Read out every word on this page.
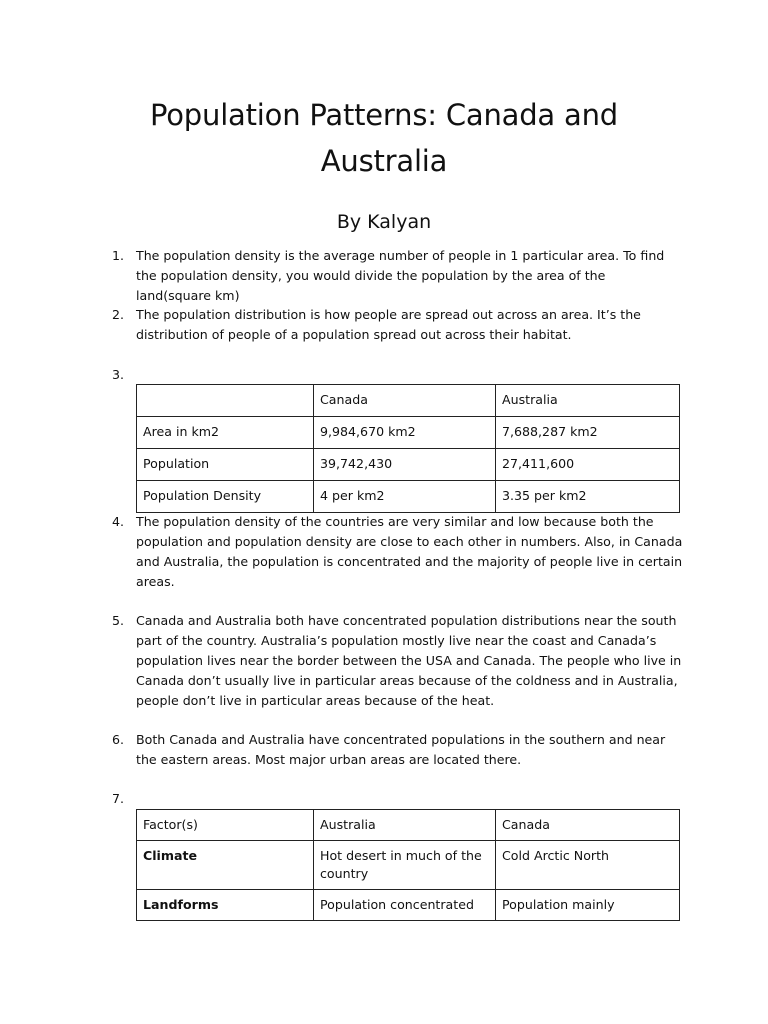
Population Patterns: Canada and Australia

By Kalyan

1. The population density is the average number of people in 1 particular area. To find the population density, you would divide the population by the area of the land(square km)
2. The population distribution is how people are spread out across an area. It’s the distribution of people of a population spread out across their habitat.
3.
	Canada	Australia
Area in km2	9,984,670 km2	7,688,287 km2
Population	39,742,430	27,411,600
Population Density	4 per km2	3.35 per km2
4. The population density of the countries are very similar and low because both the population and population density are close to each other in numbers. Also, in Canada and Australia, the population is concentrated and the majority of people live in certain areas.
5. Canada and Australia both have concentrated population distributions near the south part of the country. Australia’s population mostly live near the coast and Canada’s population lives near the border between the USA and Canada. The people who live in Canada don’t usually live in particular areas because of the coldness and in Australia, people don’t live in particular areas because of the heat.
6. Both Canada and Australia have concentrated populations in the southern and near the eastern areas. Most major urban areas are located there.
7.
Factor(s)	Australia	Canada
Climate	Hot desert in much of the country	Cold Arctic North
Landforms	Population concentrated	Population mainly
